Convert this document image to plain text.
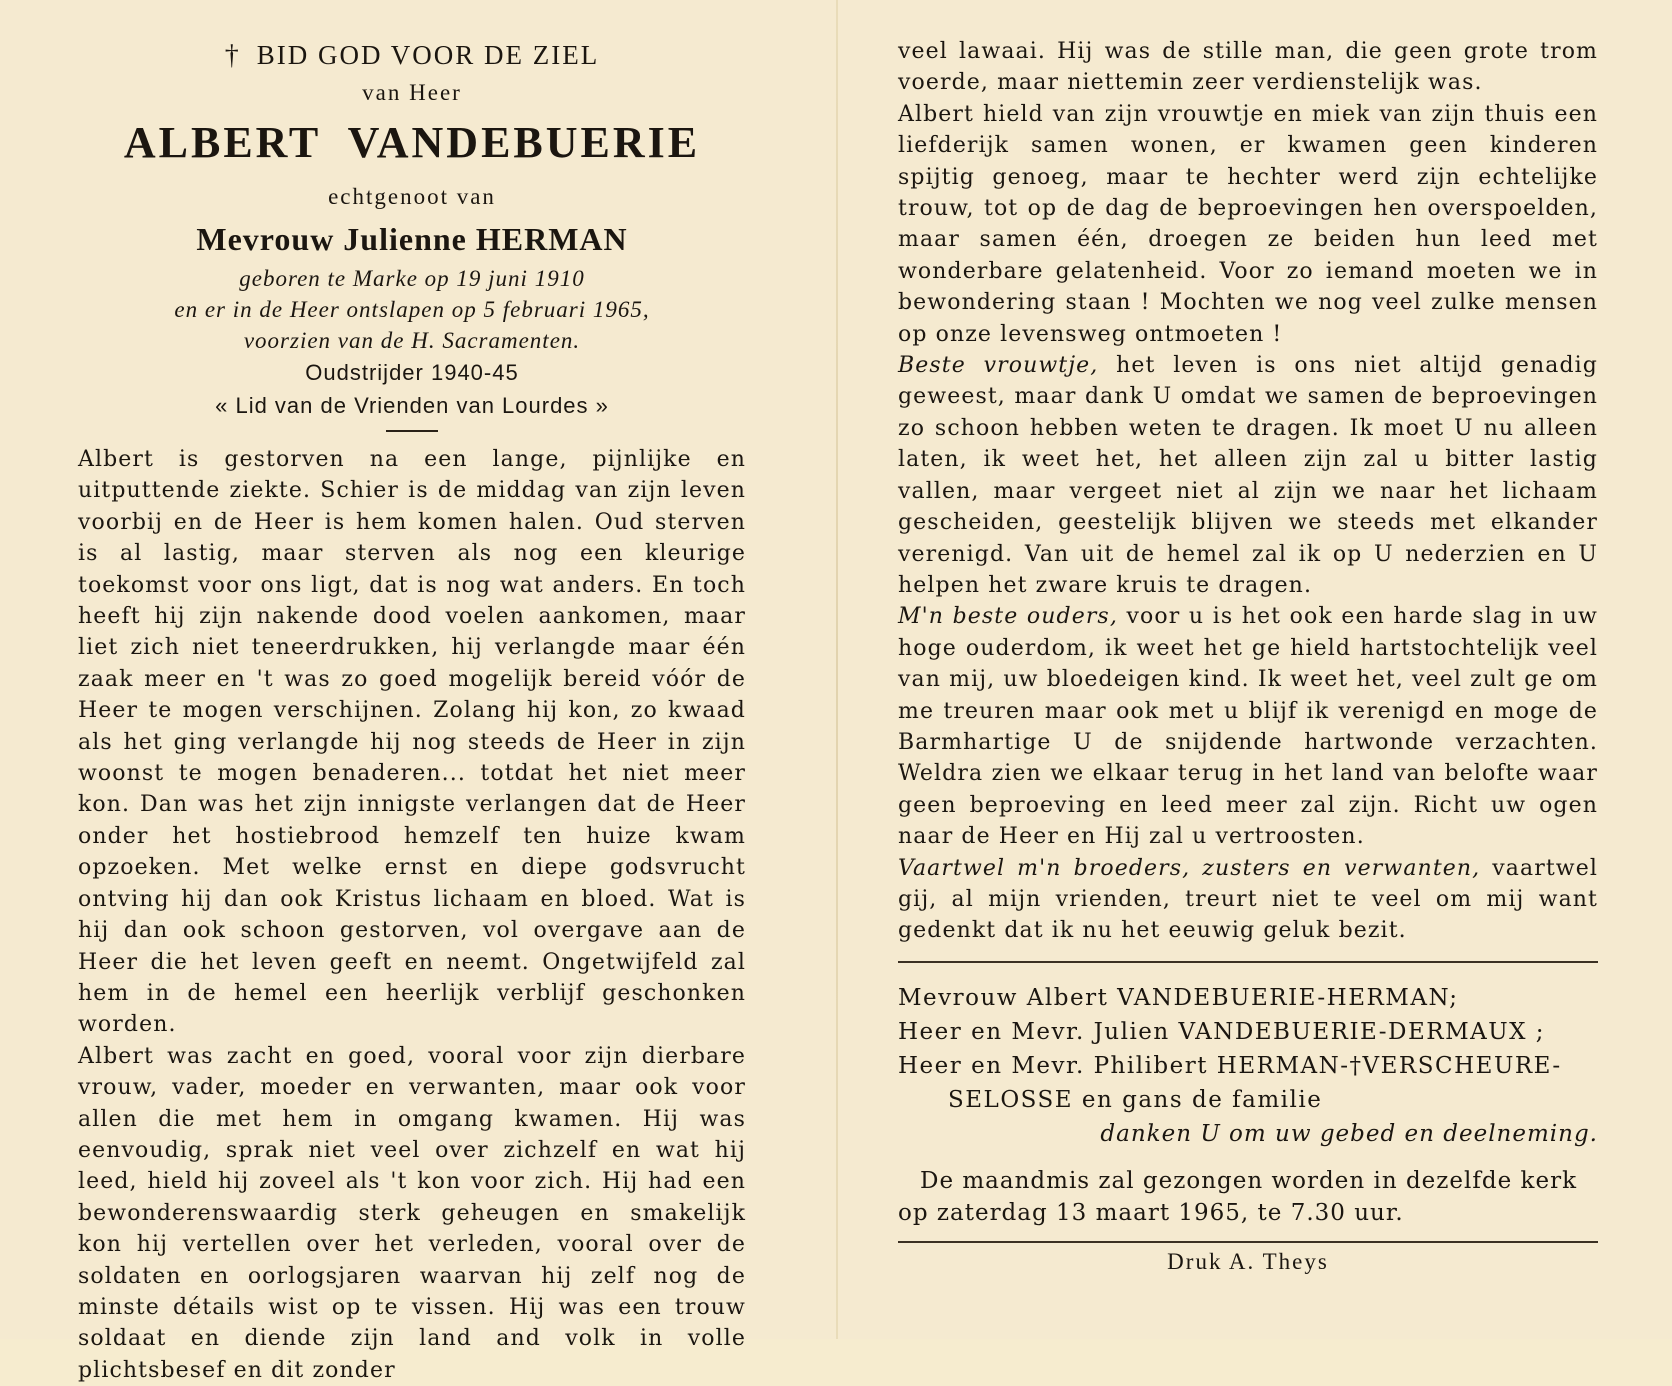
† BID GOD VOOR DE ZIEL
van Heer
ALBERT  VANDEBUERIE
echtgenoot van
Mevrouw Julienne HERMAN
geboren te Marke op 19 juni 1910
en er in de Heer ontslapen op 5 februari 1965,
voorzien van de H. Sacramenten.
Oudstrijder 1940-45
« Lid van de Vrienden van Lourdes »

Albert is gestorven na een lange, pijnlijke en uitputtende ziekte. Schier is de middag van zijn leven voorbij en de Heer is hem komen halen. Oud sterven is al lastig, maar sterven als nog een kleurige toekomst voor ons ligt, dat is nog wat anders. En toch heeft hij zijn nakende dood voelen aankomen, maar liet zich niet teneerdrukken, hij verlangde maar één zaak meer en 't was zo goed mogelijk bereid vóór de Heer te mogen verschijnen. Zolang hij kon, zo kwaad als het ging verlangde hij nog steeds de Heer in zijn woonst te mogen benaderen... totdat het niet meer kon. Dan was het zijn innigste verlangen dat de Heer onder het hostiebrood hemzelf ten huize kwam opzoeken. Met welke ernst en diepe godsvrucht ontving hij dan ook Kristus lichaam en bloed. Wat is hij dan ook schoon gestorven, vol overgave aan de Heer die het leven geeft en neemt. Ongetwijfeld zal hem in de hemel een heerlijk verblijf geschonken worden.

Albert was zacht en goed, vooral voor zijn dierbare vrouw, vader, moeder en verwanten, maar ook voor allen die met hem in omgang kwamen. Hij was eenvoudig, sprak niet veel over zichzelf en wat hij leed, hield hij zoveel als 't kon voor zich. Hij had een bewonderenswaardig sterk geheugen en smakelijk kon hij vertellen over het verleden, vooral over de soldaten en oorlogsjaren waarvan hij zelf nog de minste détails wist op te vissen. Hij was een trouw soldaat en diende zijn land and volk in volle plichtsbesef en dit zonder

veel lawaai. Hij was de stille man, die geen grote trom voerde, maar niettemin zeer verdienstelijk was.

Albert hield van zijn vrouwtje en miek van zijn thuis een liefderijk samen wonen, er kwamen geen kinderen spijtig genoeg, maar te hechter werd zijn echtelijke trouw, tot op de dag de beproevingen hen overspoelden, maar samen één, droegen ze beiden hun leed met wonderbare gelatenheid. Voor zo iemand moeten we in bewondering staan ! Mochten we nog veel zulke mensen op onze levensweg ontmoeten !

Beste vrouwtje, het leven is ons niet altijd genadig geweest, maar dank U omdat we samen de beproevingen zo schoon hebben weten te dragen. Ik moet U nu alleen laten, ik weet het, het alleen zijn zal u bitter lastig vallen, maar vergeet niet al zijn we naar het lichaam gescheiden, geestelijk blijven we steeds met elkander verenigd. Van uit de hemel zal ik op U nederzien en U helpen het zware kruis te dragen.

M'n beste ouders, voor u is het ook een harde slag in uw hoge ouderdom, ik weet het ge hield hartstochtelijk veel van mij, uw bloedeigen kind. Ik weet het, veel zult ge om me treuren maar ook met u blijf ik verenigd en moge de Barmhartige U de snijdende hartwonde verzachten. Weldra zien we elkaar terug in het land van belofte waar geen beproeving en leed meer zal zijn. Richt uw ogen naar de Heer en Hij zal u vertroosten.

Vaartwel m'n broeders, zusters en verwanten, vaartwel gij, al mijn vrienden, treurt niet te veel om mij want gedenkt dat ik nu het eeuwig geluk bezit.

Mevrouw Albert VANDEBUERIE-HERMAN;

Heer en Mevr. Julien VANDEBUERIE-DERMAUX ;

Heer en Mevr. Philibert HERMAN-†VERSCHEURE-

SELOSSE en gans de familie

danken U om uw gebed en deelneming.

De maandmis zal gezongen worden in dezelfde kerk

op zaterdag 13 maart 1965, te 7.30 uur.

Druk A. Theys
